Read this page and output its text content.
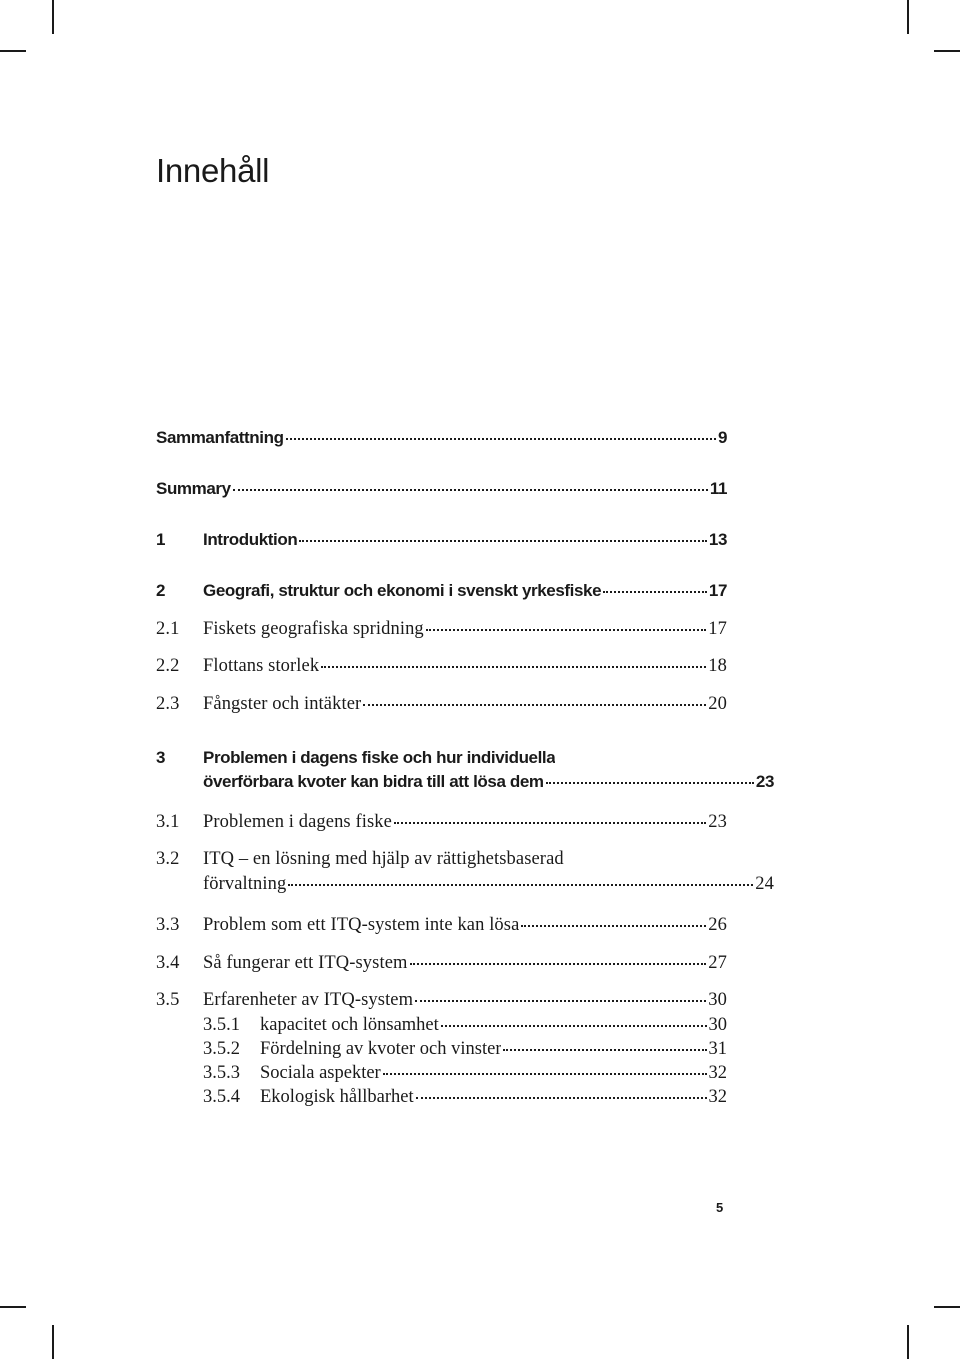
Innehåll
Sammanfattning	9
Summary	11
1	Introduktion	13
2	Geografi, struktur och ekonomi i svenskt yrkesfiske	17
2.1	Fiskets geografiska spridning	17
2.2	Flottans storlek	18
2.3	Fångster och intäkter	20
3	Problemen i dagens fiske och hur individuella
överförbara kvoter kan bidra till att lösa dem	23
3.1	Problemen i dagens fiske	23
3.2	ITQ – en lösning med hjälp av rättighetsbaserad
förvaltning	24
3.3	Problem som ett ITQ-system inte kan lösa	26
3.4	Så fungerar ett ITQ-system	27
3.5	Erfarenheter av ITQ-system	30
3.5.1	kapacitet och lönsamhet	30
3.5.2	Fördelning av kvoter och vinster	31
3.5.3	Sociala aspekter	32
3.5.4	Ekologisk hållbarhet	32
5
